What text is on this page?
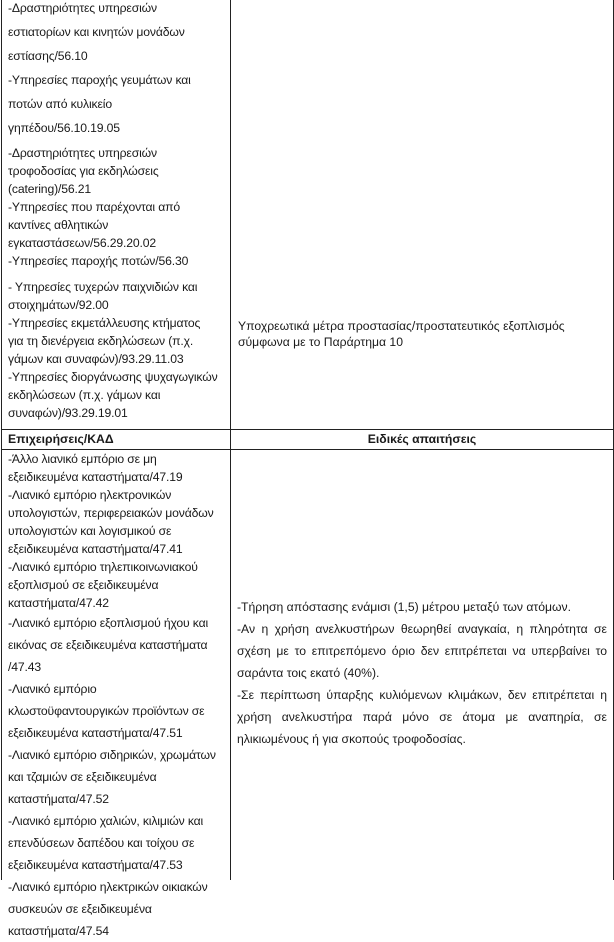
-Δραστηριότητες υπηρεσιών
εστιατορίων και κινητών μονάδων
εστίασης/56.10
-Υπηρεσίες παροχής γευμάτων και
ποτών από κυλικείο
γηπέδου/56.10.19.05
-Δραστηριότητες υπηρεσιών
τροφοδοσίας για εκδηλώσεις
(catering)/56.21
-Υπηρεσίες που παρέχονται από
καντίνες αθλητικών
εγκαταστάσεων/56.29.20.02
-Υπηρεσίες παροχής ποτών/56.30
- Υπηρεσίες τυχερών παιχνιδιών και
στοιχημάτων/92.00
-Υπηρεσίες εκμετάλλευσης κτήματος
για τη διενέργεια εκδηλώσεων (π.χ.
γάμων και συναφών)/93.29.11.03
-Υπηρεσίες διοργάνωσης ψυχαγωγικών
εκδηλώσεων (π.χ. γάμων και
συναφών)/93.29.19.01
Υποχρεωτικά μέτρα προστασίας/προστατευτικός εξοπλισμός
σύμφωνα με το Παράρτημα 10
Επιχειρήσεις/ΚΑΔ	Ειδικές απαιτήσεις
-Άλλο λιανικό εμπόριο σε μη
εξειδικευμένα καταστήματα/47.19
-Λιανικό εμπόριο ηλεκτρονικών
υπολογιστών, περιφερειακών μονάδων
υπολογιστών και λογισμικού σε
εξειδικευμένα καταστήματα/47.41
-Λιανικό εμπόριο τηλεπικοινωνιακού
εξοπλισμού σε εξειδικευμένα
καταστήματα/47.42
-Λιανικό εμπόριο εξοπλισμού ήχου και
εικόνας σε εξειδικευμένα καταστήματα
/47.43
-Λιανικό εμπόριο
κλωστοϋφαντουργικών προϊόντων σε
εξειδικευμένα καταστήματα/47.51
-Λιανικό εμπόριο σιδηρικών, χρωμάτων
και τζαμιών σε εξειδικευμένα
καταστήματα/47.52
-Λιανικό εμπόριο χαλιών, κιλιμιών και
επενδύσεων δαπέδου και τοίχου σε
εξειδικευμένα καταστήματα/47.53
-Λιανικό εμπόριο ηλεκτρικών οικιακών
συσκευών σε εξειδικευμένα
καταστήματα/47.54
-Τήρηση απόστασης ενάμισι (1,5) μέτρου μεταξύ των ατόμων.
-Αν η χρήση ανελκυστήρων θεωρηθεί αναγκαία, η πληρότητα σε σχέση με το επιτρεπόμενο όριο δεν επιτρέπεται να υπερβαίνει το σαράντα τοις εκατό (40%).
-Σε περίπτωση ύπαρξης κυλιόμενων κλιμάκων, δεν επιτρέπεται η χρήση ανελκυστήρα παρά μόνο σε άτομα με αναπηρία, σε ηλικιωμένους ή για σκοπούς τροφοδοσίας.
